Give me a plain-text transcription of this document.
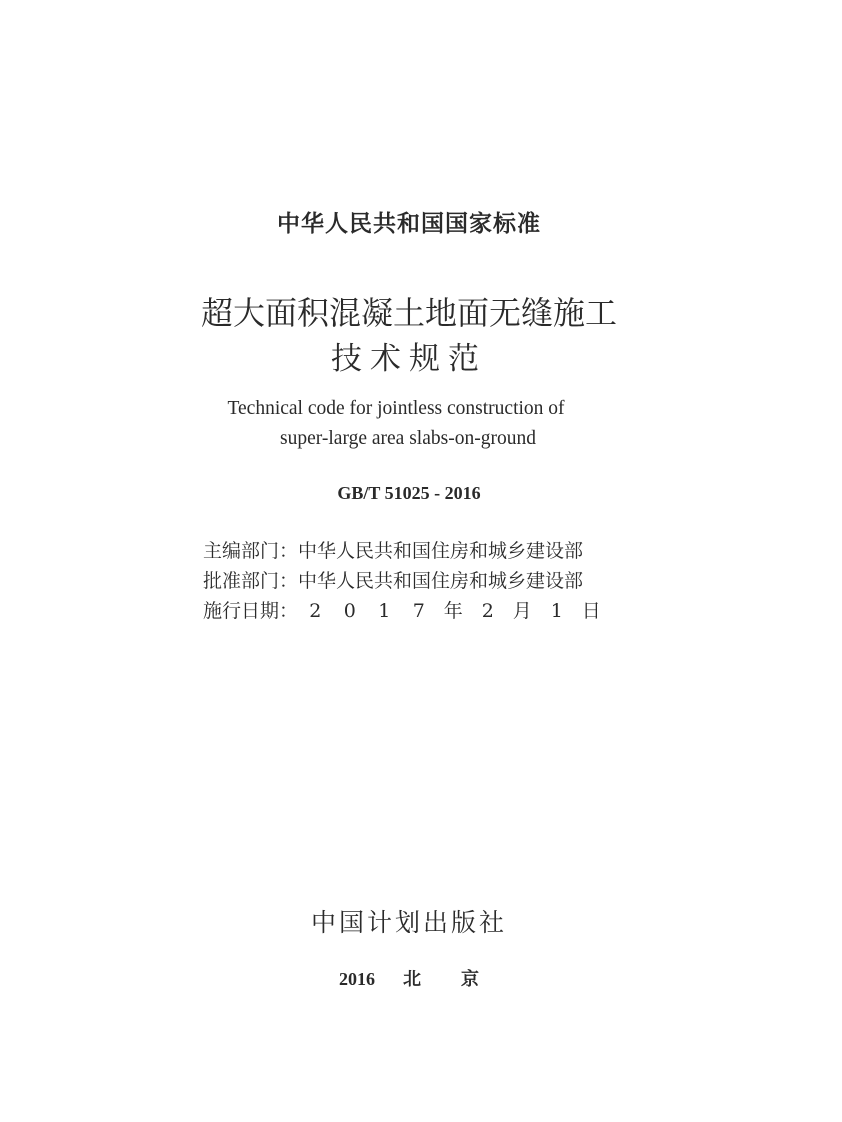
中华人民共和国国家标准
超大面积混凝土地面无缝施工
技术规范
Technical code for jointless construction of
super-large area slabs-on-ground
GB/T 51025 - 2016
主编部门：中华人民共和国住房和城乡建设部
批准部门：中华人民共和国住房和城乡建设部
施行日期： 2 0 1 7 年 2 月 1 日
中国计划出版社
2016 北 京
